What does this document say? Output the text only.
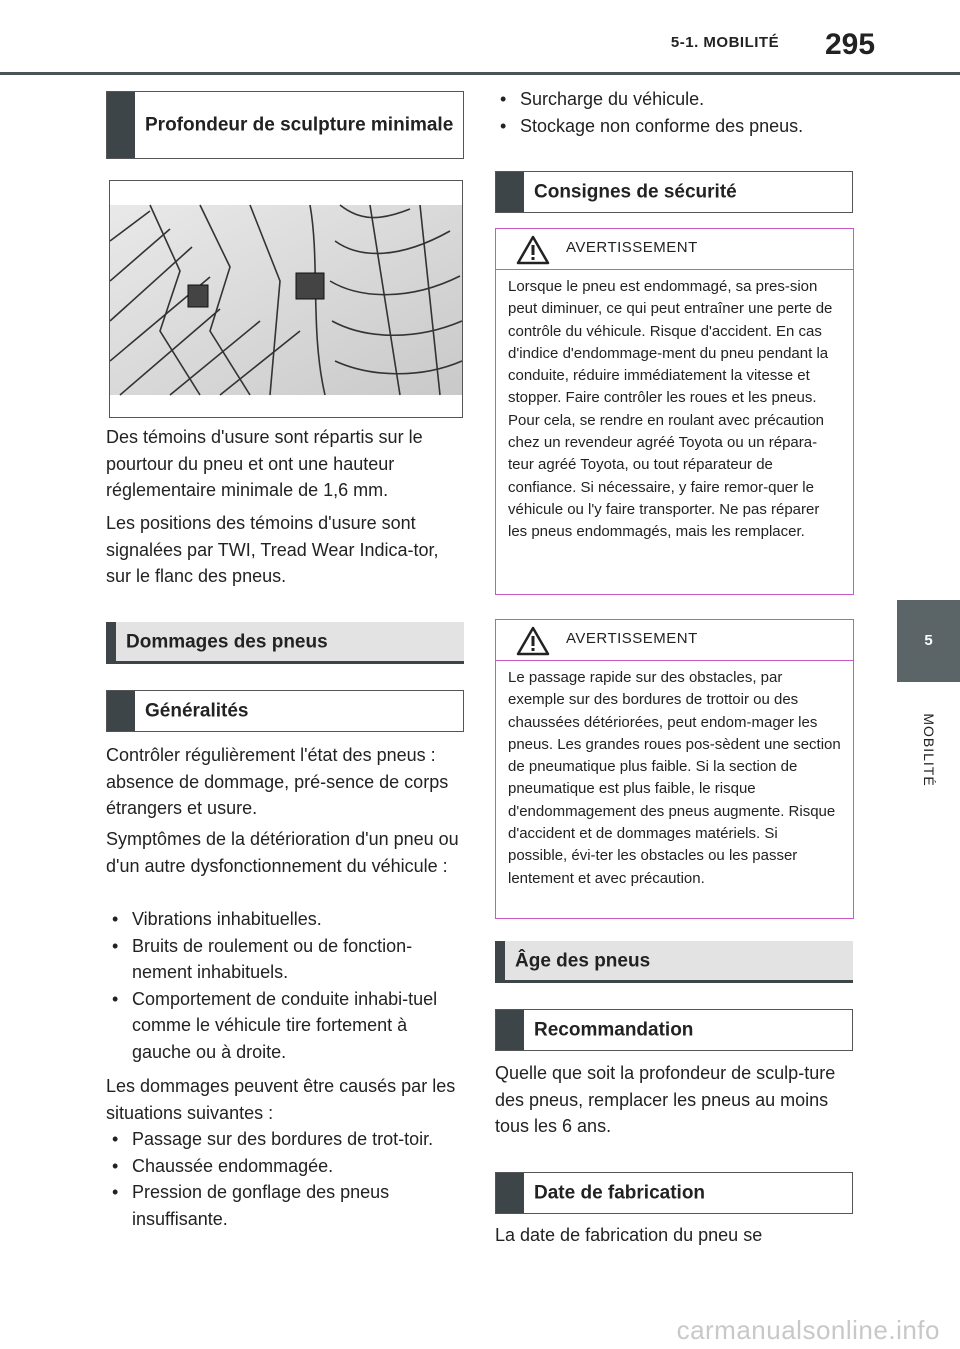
5-1. MOBILITÉ	295
5
MOBILITÉ
Profondeur de sculpture minimale
Des témoins d'usure sont répartis sur le pourtour du pneu et ont une hauteur réglementaire minimale de 1,6 mm.
Les positions des témoins d'usure sont signalées par TWI, Tread Wear Indica-tor, sur le flanc des pneus.
Dommages des pneus
Généralités
Contrôler régulièrement l'état des pneus : absence de dommage, pré-sence de corps étrangers et usure.
Symptômes de la détérioration d'un pneu ou d'un autre dysfonctionnement du véhicule :
• Vibrations inhabituelles.
• Bruits de roulement ou de fonction-nement inhabituels.
• Comportement de conduite inhabi-tuel comme le véhicule tire fortement à gauche ou à droite.
Les dommages peuvent être causés par les situations suivantes :
• Passage sur des bordures de trot-toir.
• Chaussée endommagée.
• Pression de gonflage des pneus insuffisante.
• Surcharge du véhicule.
• Stockage non conforme des pneus.
Consignes de sécurité
AVERTISSEMENT
Lorsque le pneu est endommagé, sa pres-sion peut diminuer, ce qui peut entraîner une perte de contrôle du véhicule. Risque d'accident. En cas d'indice d'endommage-ment du pneu pendant la conduite, réduire immédiatement la vitesse et stopper. Faire contrôler les roues et les pneus. Pour cela, se rendre en roulant avec précaution chez un revendeur agréé Toyota ou un répara-teur agréé Toyota, ou tout réparateur de confiance. Si nécessaire, y faire remor-quer le véhicule ou l'y faire transporter. Ne pas réparer les pneus endommagés, mais les remplacer.
AVERTISSEMENT
Le passage rapide sur des obstacles, par exemple sur des bordures de trottoir ou des chaussées détériorées, peut endom-mager les pneus. Les grandes roues pos-sèdent une section de pneumatique plus faible. Si la section de pneumatique est plus faible, le risque d'endommagement des pneus augmente. Risque d'accident et de dommages matériels. Si possible, évi-ter les obstacles ou les passer lentement et avec précaution.
Âge des pneus
Recommandation
Quelle que soit la profondeur de sculp-ture des pneus, remplacer les pneus au moins tous les 6 ans.
Date de fabrication
La date de fabrication du pneu se
carmanualsonline.info
